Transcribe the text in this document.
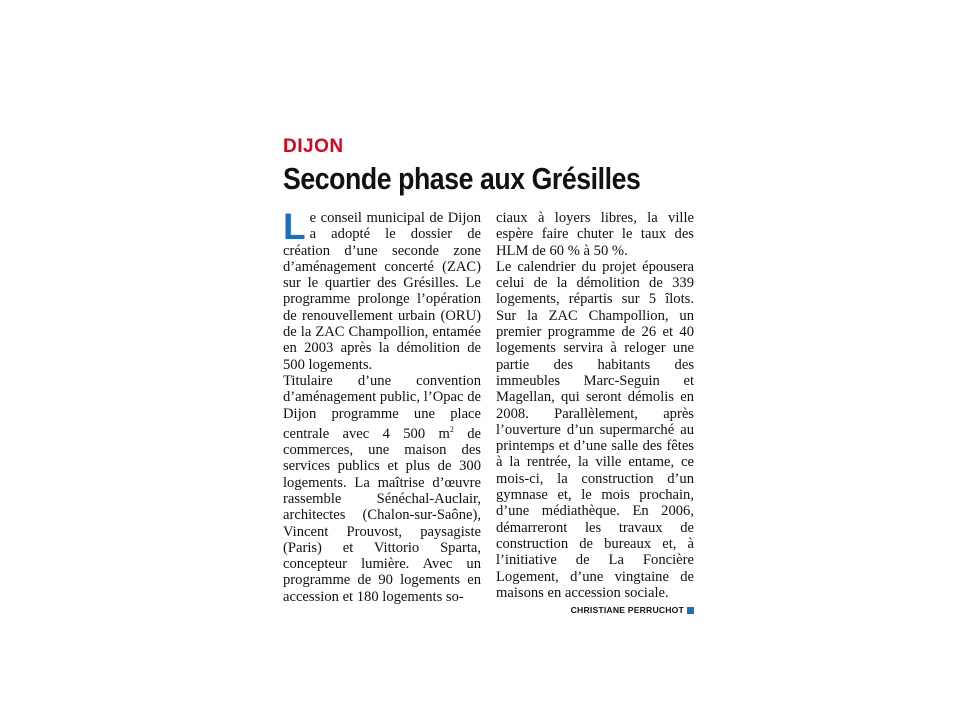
DIJON
Seconde phase aux Grésilles

Le conseil municipal de Dijon a adopté le dossier de création d’une seconde zone d’aménagement concerté (ZAC) sur le quartier des Grésilles. Le programme prolonge l’opération de renouvellement urbain (ORU) de la ZAC Champollion, entamée en 2003 après la démolition de 500 logements.

Titulaire d’une convention d’aménagement public, l’Opac de Dijon programme une place centrale avec 4 500 $m^2$ de commerces, une maison des services publics et plus de 300 logements. La maîtrise d’œuvre rassemble Sénéchal-Auclair, architectes (Chalon-sur-Saône), Vincent Prouvost, paysagiste (Paris) et Vittorio Sparta, concepteur lumière. Avec un programme de 90 logements en accession et 180 logements so-

ciaux à loyers libres, la ville espère faire chuter le taux des HLM de 60 % à 50 %.

Le calendrier du projet épousera celui de la démolition de 339 logements, répartis sur 5 îlots. Sur la ZAC Champollion, un premier programme de 26 et 40 logements servira à reloger une partie des habitants des immeubles Marc-Seguin et Magellan, qui seront démolis en 2008. Parallèlement, après l’ouverture d’un supermarché au printemps et d’une salle des fêtes à la rentrée, la ville entame, ce mois-ci, la construction d’un gymnase et, le mois prochain, d’une médiathèque. En 2006, démarreront les travaux de construction de bureaux et, à l’initiative de La Foncière Logement, d’une vingtaine de maisons en accession sociale.

CHRISTIANE PERRUCHOT
